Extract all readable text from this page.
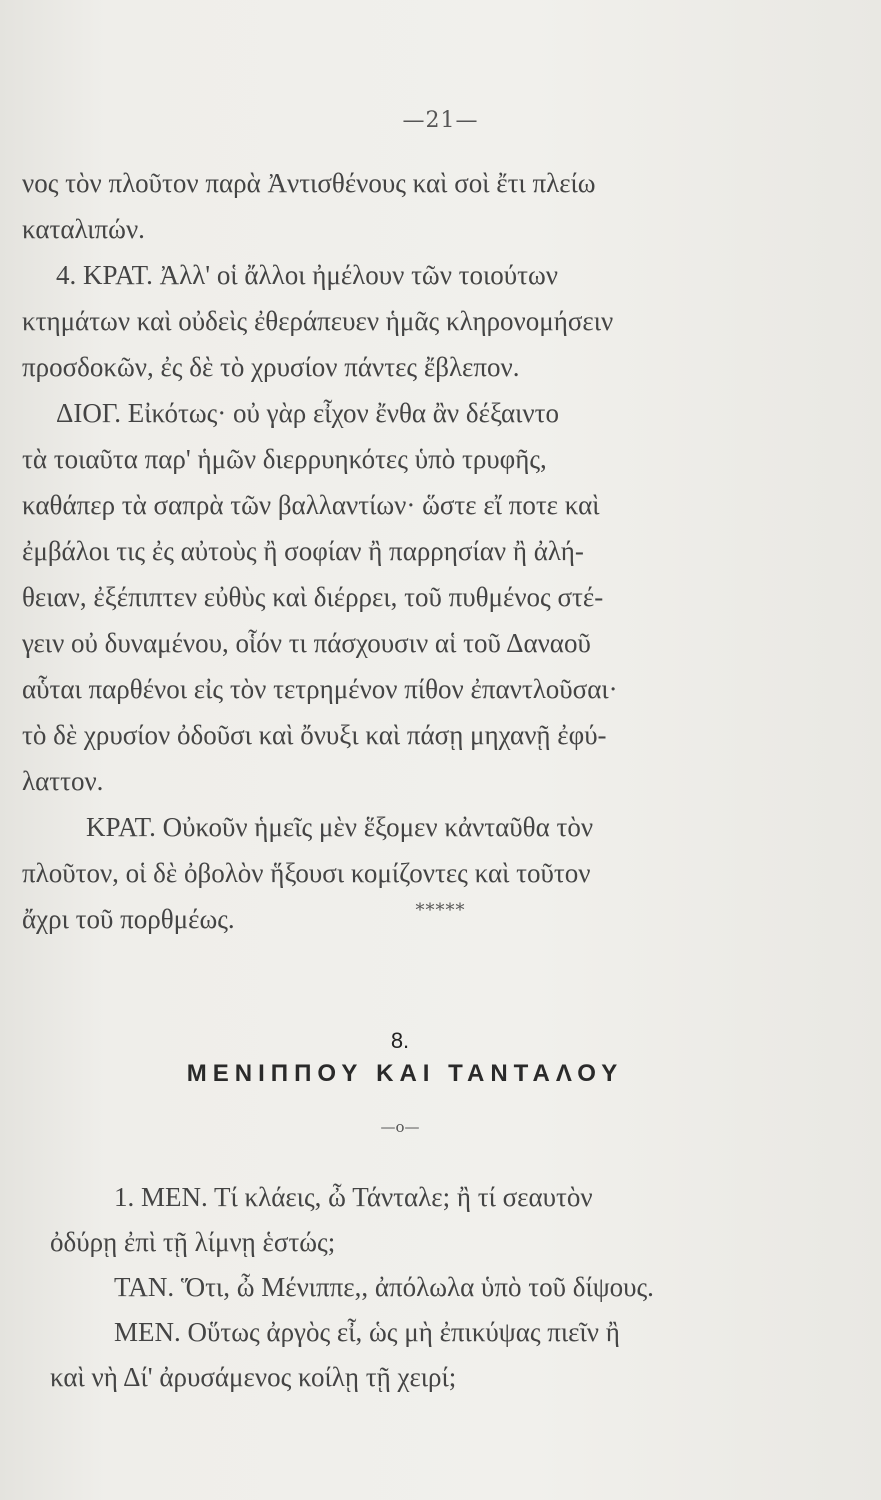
—21—
νος τὸν πλοῦτον παρὰ Ἀντισθένους καὶ σοὶ ἔτι πλείω
καταλιπών.
4. ΚΡΑΤ. Ἀλλ' οἱ ἄλλοι ἠμέλουν τῶν τοιούτων
κτημάτων καὶ οὐδεὶς ἐθεράπευεν ἡμᾶς κληρονομήσειν
προσδοκῶν, ἐς δὲ τὸ χρυσίον πάντες ἔβλεπον.
ΔΙΟΓ. Εἰκότως· οὐ γὰρ εἶχον ἔνθα ἂν δέξαιντο
τὰ τοιαῦτα παρ' ἡμῶν διερρυηκότες ὑπὸ τρυφῆς,
καθάπερ τὰ σαπρὰ τῶν βαλλαντίων· ὥστε εἴ ποτε καὶ
ἐμβάλοι τις ἐς αὐτοὺς ἢ σοφίαν ἢ παρρησίαν ἢ ἀλή-
θειαν, ἐξέπιπτεν εὐθὺς καὶ διέρρει, τοῦ πυθμένος στέ-
γειν οὐ δυναμένου, οἷόν τι πάσχουσιν αἱ τοῦ Δαναοῦ
αὗται παρθένοι εἰς τὸν τετρημένον πίθον ἐπαντλοῦσαι·
τὸ δὲ χρυσίον ὀδοῦσι καὶ ὄνυξι καὶ πάσῃ μηχανῇ ἐφύ-
λαττον.
ΚΡΑΤ. Οὐκοῦν ἡμεῖς μὲν ἕξομεν κἀνταῦθα τὸν
πλοῦτον, οἱ δὲ ὀβολὸν ἥξουσι κομίζοντες καὶ τοῦτον
ἄχρι τοῦ πορθμέως.	*****
8.
ΜΕΝΙΠΠΟΥ ΚΑΙ ΤΑΝΤΑΛΟΥ
—o—
1. ΜΕΝ. Τί κλάεις, ὦ Τάνταλε; ἢ τί σεαυτὸν
ὀδύρῃ ἐπὶ τῇ λίμνῃ ἑστώς;
ΤΑΝ. Ὅτι, ὦ Μένιππε,, ἀπόλωλα ὑπὸ τοῦ δίψους.
ΜΕΝ. Οὕτως ἀργὸς εἶ, ὡς μὴ ἐπικύψας πιεῖν ἢ
καὶ νὴ Δί' ἀρυσάμενος κοίλῃ τῇ χειρί;
